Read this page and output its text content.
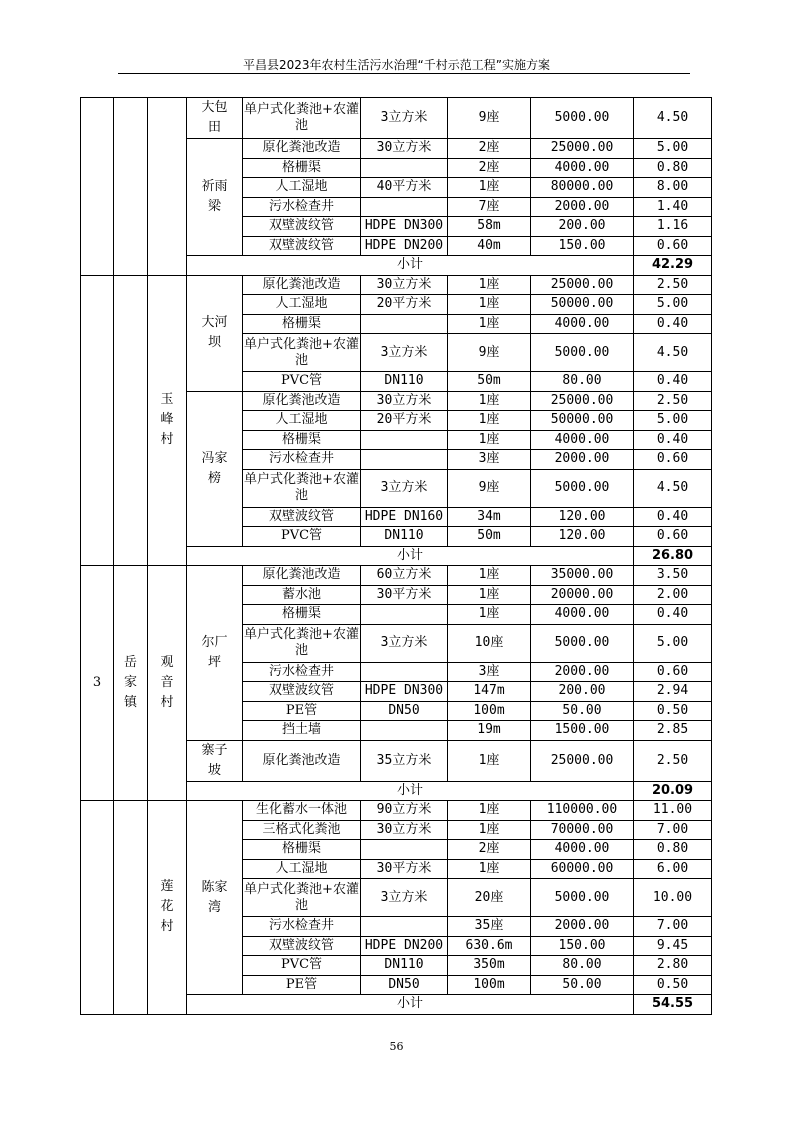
平昌县2023年农村生活污水治理“千村示范工程”实施方案
			大包田	单户式化粪池+农灌池	3立方米	9座	5000.00	4.50
			祈雨梁	原化粪池改造	30立方米	2座	25000.00	5.00
				格栅渠		2座	4000.00	0.80
				人工湿地	40平方米	1座	80000.00	8.00
				污水检查井		7座	2000.00	1.40
				双壁波纹管	HDPE DN300	58m	200.00	1.16
				双壁波纹管	HDPE DN200	40m	150.00	0.60
			小计					42.29
		玉峰村	大河坝	原化粪池改造	30立方米	1座	25000.00	2.50
				人工湿地	20平方米	1座	50000.00	5.00
				格栅渠		1座	4000.00	0.40
				单户式化粪池+农灌池	3立方米	9座	5000.00	4.50
				PVC管	DN110	50m	80.00	0.40
			冯家榜	原化粪池改造	30立方米	1座	25000.00	2.50
				人工湿地	20平方米	1座	50000.00	5.00
				格栅渠		1座	4000.00	0.40
				污水检查井		3座	2000.00	0.60
				单户式化粪池+农灌池	3立方米	9座	5000.00	4.50
				双壁波纹管	HDPE DN160	34m	120.00	0.40
				PVC管	DN110	50m	120.00	0.60
			小计					26.80
3	岳家镇	观音村	尔厂坪	原化粪池改造	60立方米	1座	35000.00	3.50
				蓄水池	30平方米	1座	20000.00	2.00
				格栅渠		1座	4000.00	0.40
				单户式化粪池+农灌池	3立方米	10座	5000.00	5.00
				污水检查井		3座	2000.00	0.60
				双壁波纹管	HDPE DN300	147m	200.00	2.94
				PE管	DN50	100m	50.00	0.50
				挡土墙		19m	1500.00	2.85
			寨子坡	原化粪池改造	35立方米	1座	25000.00	2.50
			小计					20.09
		莲花村	陈家湾	生化蓄水一体池	90立方米	1座	110000.00	11.00
				三格式化粪池	30立方米	1座	70000.00	7.00
				格栅渠		2座	4000.00	0.80
				人工湿地	30平方米	1座	60000.00	6.00
				单户式化粪池+农灌池	3立方米	20座	5000.00	10.00
				污水检查井		35座	2000.00	7.00
				双壁波纹管	HDPE DN200	630.6m	150.00	9.45
				PVC管	DN110	350m	80.00	2.80
				PE管	DN50	100m	50.00	0.50
			小计					54.55
56
